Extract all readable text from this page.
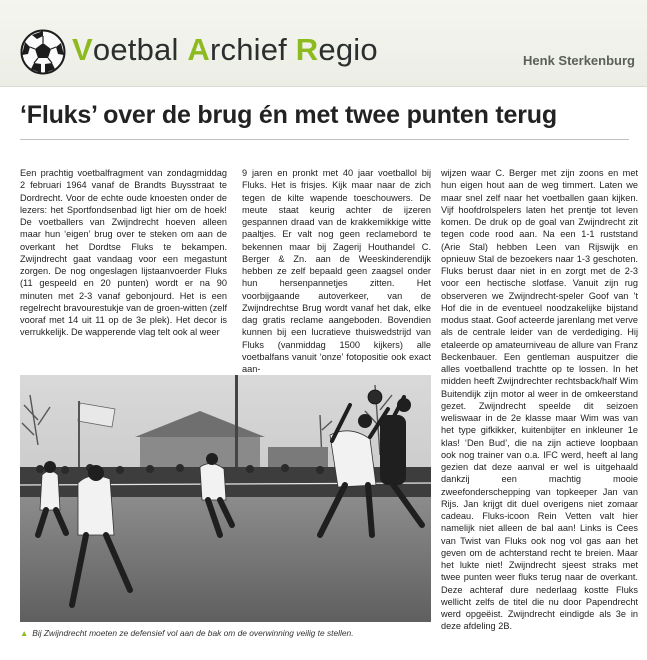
Voetbal Archief Regio	Henk Sterkenburg
‘Fluks’ over de brug én met twee punten terug
Een prachtig voetbalfragment van zondagmiddag 2 februari 1964 vanaf de Brandts Buysstraat te Dordrecht. Voor de echte oude knoesten onder de lezers: het Sportfondsenbad ligt hier om de hoek! De voetballers van Zwijndrecht hoeven alleen maar hun ‘eigen’ brug over te steken om aan de overkant het Dordtse Fluks te bekampen. Zwijndrecht gaat vandaag voor een megastunt zorgen. De nog ongeslagen lijstaanvoerder Fluks (11 gespeeld en 20 punten) wordt er na 90 minuten met 2-3 vanaf gebonjourd. Het is een regelrecht bravourestukje van de groen-witten (zelf vooraf met 14 uit 11 op de 3e plek). Het decor is verrukkelijk. De wapperende vlag telt ook al weer
9 jaren en pronkt met 40 jaar voetballol bij Fluks. Het is frisjes. Kijk maar naar de zich tegen de kilte wapende toeschouwers. De meute staat keurig achter de ijzeren gespannen draad van de krakkemikkige witte paaltjes. Er valt nog geen reclamebord te bekennen maar bij Zagerij Houthandel C. Berger & Zn. aan de Weeskinderendijk hebben ze zelf bepaald geen zaagsel onder hun hersenpannetjes zitten. Het voorbijgaande autoverkeer, van de Zwijndrechtse Brug wordt vanaf het dak, elke dag gratis reclame aangeboden. Bovendien kunnen bij een lucratieve thuiswedstrijd van Fluks (vanmiddag 1500 kijkers) alle voetbalfans vanuit ‘onze’ fotopositie ook exact aan-
wijzen waar C. Berger met zijn zoons en met hun eigen hout aan de weg timmert. Laten we maar snel zelf naar het voetballen gaan kijken. Vijf hoofdrolspelers laten het prentje tot leven komen. De druk op de goal van Zwijndrecht zit tegen code rood aan. Na een 1-1 ruststand (Arie Stal) hebben Leen van Rijswijk en opnieuw Stal de bezoekers naar 1-3 geschoten. Fluks berust daar niet in en zorgt met de 2-3 voor een hectische slotfase. Vanuit zijn rug observeren we Zwijndrecht-speler Goof van ’t Hof die in de eventueel noodzakelijke bijstand modus staat. Goof acteerde jarenlang met verve als de centrale leider van de verdediging. Hij etaleerde op amateurniveau de allure van Franz Beckenbauer. Een gentleman auspuitzer die alles voetballend trachtte op te lossen. In het midden heeft Zwijndrechter rechtsback/half Wim Buitendijk zijn motor al weer in de omkeerstand gezet. Zwijndrecht speelde dit seizoen weliswaar in de 2e klasse maar Wim was van het type gifkikker, kuitenbijter en inkleuner 1e klas! ‘Den Bud’, die na zijn actieve loopbaan ook nog trainer van o.a. IFC werd, heeft al lang gezien dat deze aanval er wel is uitgehaald dankzij een machtig mooie zweefonderschepping van topkeeper Jan van Rijs. Jan krijgt dit duel overigens niet zomaar cadeau. Fluks-icoon Rein Vetten valt hier namelijk niet alleen de bal aan! Links is Cees van Twist van Fluks ook nog vol gas aan het geven om de achterstand recht te breien. Maar het lukte niet! Zwijndrecht sjeest straks met twee punten weer fluks terug naar de overkant. Deze achteraf dure nederlaag kostte Fluks wellicht zelfs de titel die nu door Papendrecht werd opgeëist. Zwijndrecht eindigde als 3e in deze afdeling 2B.
▲ Bij Zwijndrecht moeten ze defensief vol aan de bak om de overwinning veilig te stellen.
